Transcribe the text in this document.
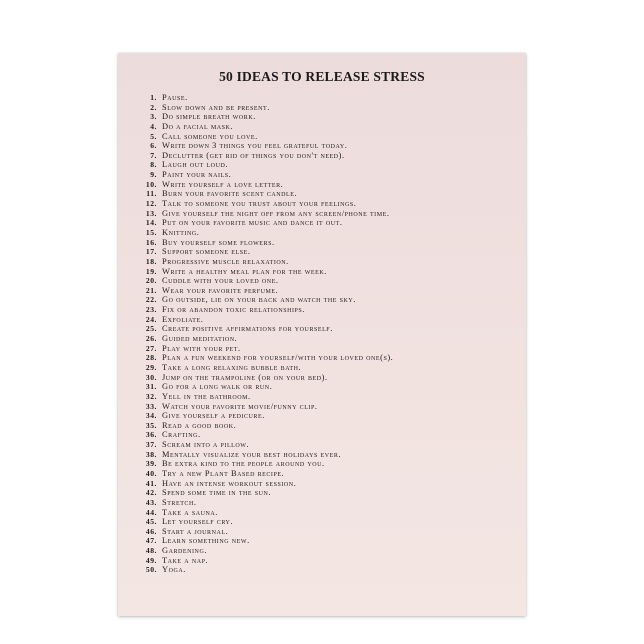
50 IDEAS TO RELEASE STRESS
1. Pause.
2. Slow down and be present.
3. Do simple breath work.
4. Do a facial mask.
5. Call someone you love.
6. Write down 3 things you feel grateful today.
7. Declutter (get rid of things you don't need).
8. Laugh out loud.
9. Paint your nails.
10. Write yourself a love letter.
11. Burn your favorite scent candle.
12. Talk to someone you trust about your feelings.
13. Give yourself the night off from any screen/phone time.
14. Put on your favorite music and dance it out.
15. Knitting.
16. Buy yourself some flowers.
17. Support someone else.
18. Progressive muscle relaxation.
19. Write a healthy meal plan for the week.
20. Cuddle with your loved one.
21. Wear your favorite perfume.
22. Go outside, lie on your back and watch the sky.
23. Fix or abandon toxic relationships.
24. Exfoliate.
25. Create positive affirmations for yourself.
26. Guided meditation.
27. Play with your pet.
28. Plan a fun weekend for yourself/with your loved one(s).
29. Take a long relaxing bubble bath.
30. Jump on the trampoline (or on your bed).
31. Go for a long walk or run.
32. Yell in the bathroom.
33. Watch your favorite movie/funny clip.
34. Give yourself a pedicure.
35. Read a good book.
36. Crafting.
37. Scream into a pillow.
38. Mentally visualize your best holidays ever.
39. Be extra kind to the people around you.
40. Try a new Plant Based recipe.
41. Have an intense workout session.
42. Spend some time in the sun.
43. Stretch.
44. Take a sauna.
45. Let yourself cry.
46. Start a journal.
47. Learn something new.
48. Gardening.
49. Take a nap.
50. Yoga.
